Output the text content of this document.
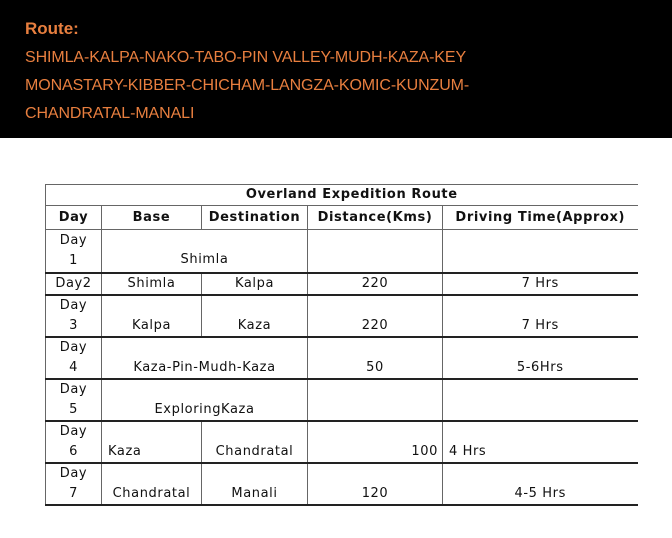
Route:
SHIMLA-KALPA-NAKO-TABO-PIN VALLEY-MUDH-KAZA-KEY
MONASTARY-KIBBER-CHICHAM-LANGZA-KOMIC-KUNZUM-
CHANDRATAL-MANALI
Overland Expedition Route				
Day	Base	Destination	Distance(Kms)	Driving Time(Approx)

Day
1	Shimla			
Day2	Shimla	Kalpa	220	7 Hrs

Day
3	Kalpa	Kaza	220	7 Hrs

Day
4	Kaza-Pin-Mudh-Kaza		50	5-6Hrs

Day
5	ExploringKaza			

Day
6	Kaza	Chandratal	100	4 Hrs

Day
7	Chandratal	Manali	120	4-5 Hrs
